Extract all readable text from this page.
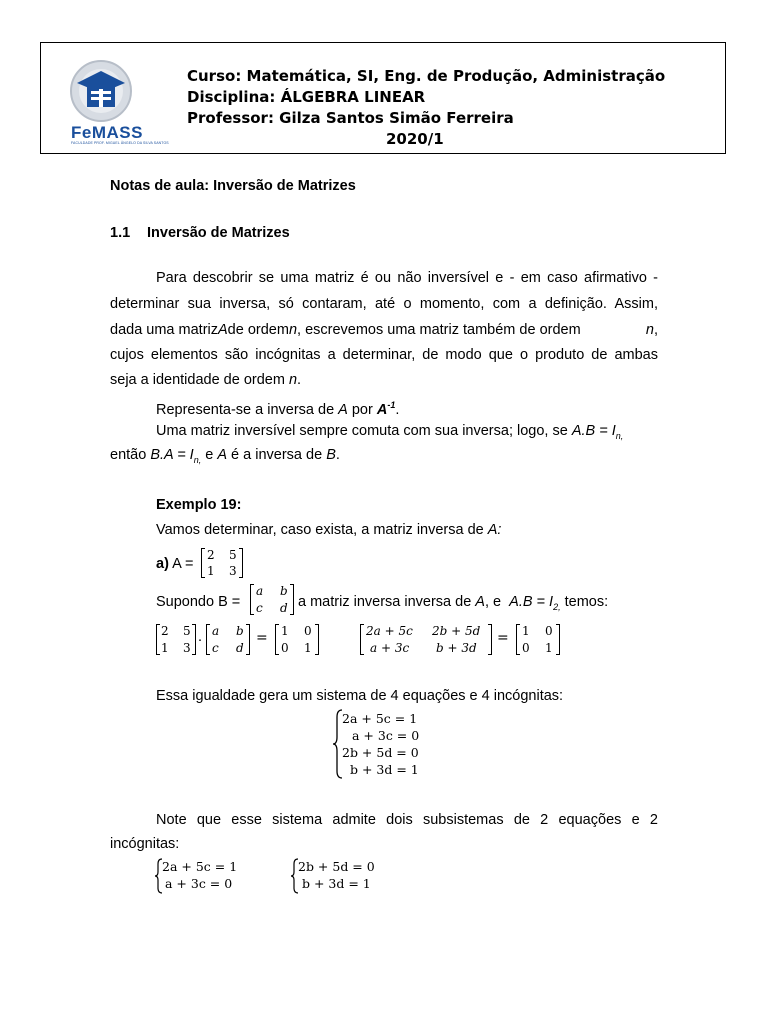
FeMASS
FACULDADE PROF. MIGUEL ÂNGELO DA SILVA SANTOS
Curso: Matemática, SI, Eng. de Produção, Administração
Disciplina: ÁLGEBRA LINEAR
Professor: Gilza Santos Simão Ferreira
2020/1
Notas de aula: Inversão de Matrizes
1.1 Inversão de Matrizes
Para descobrir se uma matriz é ou não inversível e - em caso afirmativo -
determinar sua inversa, só contaram, até o momento, com a definição. Assim,
dada uma matriz A de ordem n , escrevemos uma matriz também de ordem	n ,
cujos elementos são incógnitas a determinar, de modo que o produto de ambas
seja a identidade de ordem n.
Representa-se a inversa de A por $A^{-1}$.
Uma matriz inversível sempre comuta com sua inversa; logo, se $A.B = I_{n,}$
então $B.A = I_{n,}$ e A é a inversa de B.
Exemplo 19:
Vamos determinar, caso exista, a matriz inversa de A:
a) A =
2 5
1 3
Supondo B =
a b
c d a matriz inversa inversa de A, e  $A.B = I_{2,}$ temos:
2 5
1 3
. a b
c d
= 1 0
0 1
2a + 5c 2b + 5d
a + 3c b + 3d
= 1 0
0 1
Essa igualdade gera um sistema de 4 equações e 4 incógnitas:
2a + 5c = 1
a + 3c = 0
2b + 5d = 0
b + 3d = 1
Note que esse sistema admite dois subsistemas de 2 equações e 2
incógnitas:
2a + 5c = 1
a + 3c = 0
2b + 5d = 0
b + 3d = 1
